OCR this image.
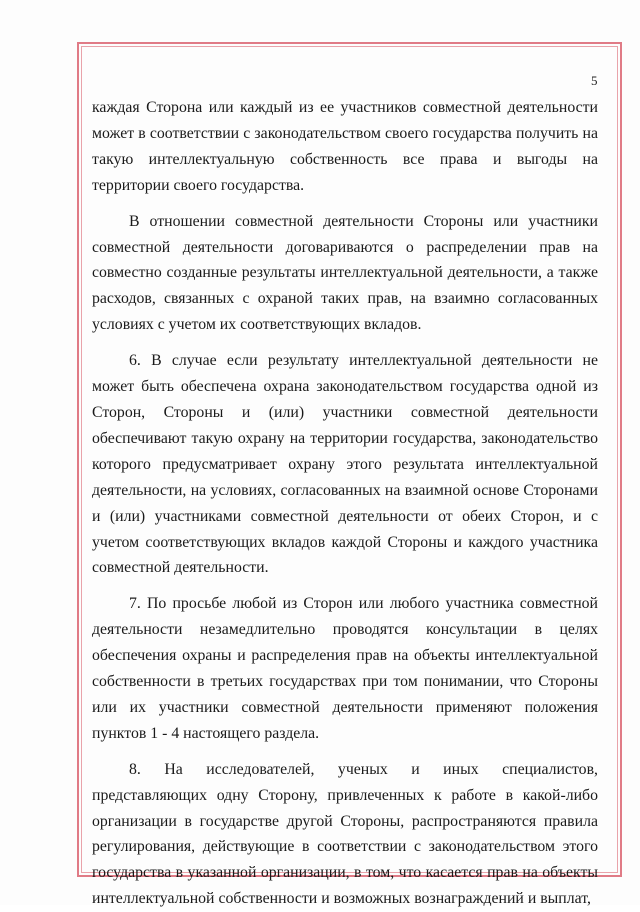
5

каждая Сторона или каждый из ее участников совместной деятельности может в соответствии с законодательством своего государства получить на такую интеллектуальную собственность все права и выгоды на территории своего государства.

В отношении совместной деятельности Стороны или участники совместной деятельности договариваются о распределении прав на совместно созданные результаты интеллектуальной деятельности, а также расходов, связанных с охраной таких прав, на взаимно согласованных условиях с учетом их соответствующих вкладов.

6. В случае если результату интеллектуальной деятельности не может быть обеспечена охрана законодательством государства одной из Сторон, Стороны и (или) участники совместной деятельности обеспечивают такую охрану на территории государства, законодательство которого предусматривает охрану этого результата интеллектуальной деятельности, на условиях, согласованных на взаимной основе Сторонами и (или) участниками совместной деятельности от обеих Сторон, и с учетом соответствующих вкладов каждой Стороны и каждого участника совместной деятельности.

7. По просьбе любой из Сторон или любого участника совместной деятельности незамедлительно проводятся консультации в целях обеспечения охраны и распределения прав на объекты интеллектуальной собственности в третьих государствах при том понимании, что Стороны или их участники совместной деятельности применяют положения пунктов 1 - 4 настоящего раздела.

8. На исследователей, ученых и иных специалистов, представляющих одну Сторону, привлеченных к работе в какой-либо организации в государстве другой Стороны, распространяются правила регулирования, действующие в соответствии с законодательством этого государства в указанной организации, в том, что касается прав на объекты интеллектуальной собственности и возможных вознаграждений и выплат,
